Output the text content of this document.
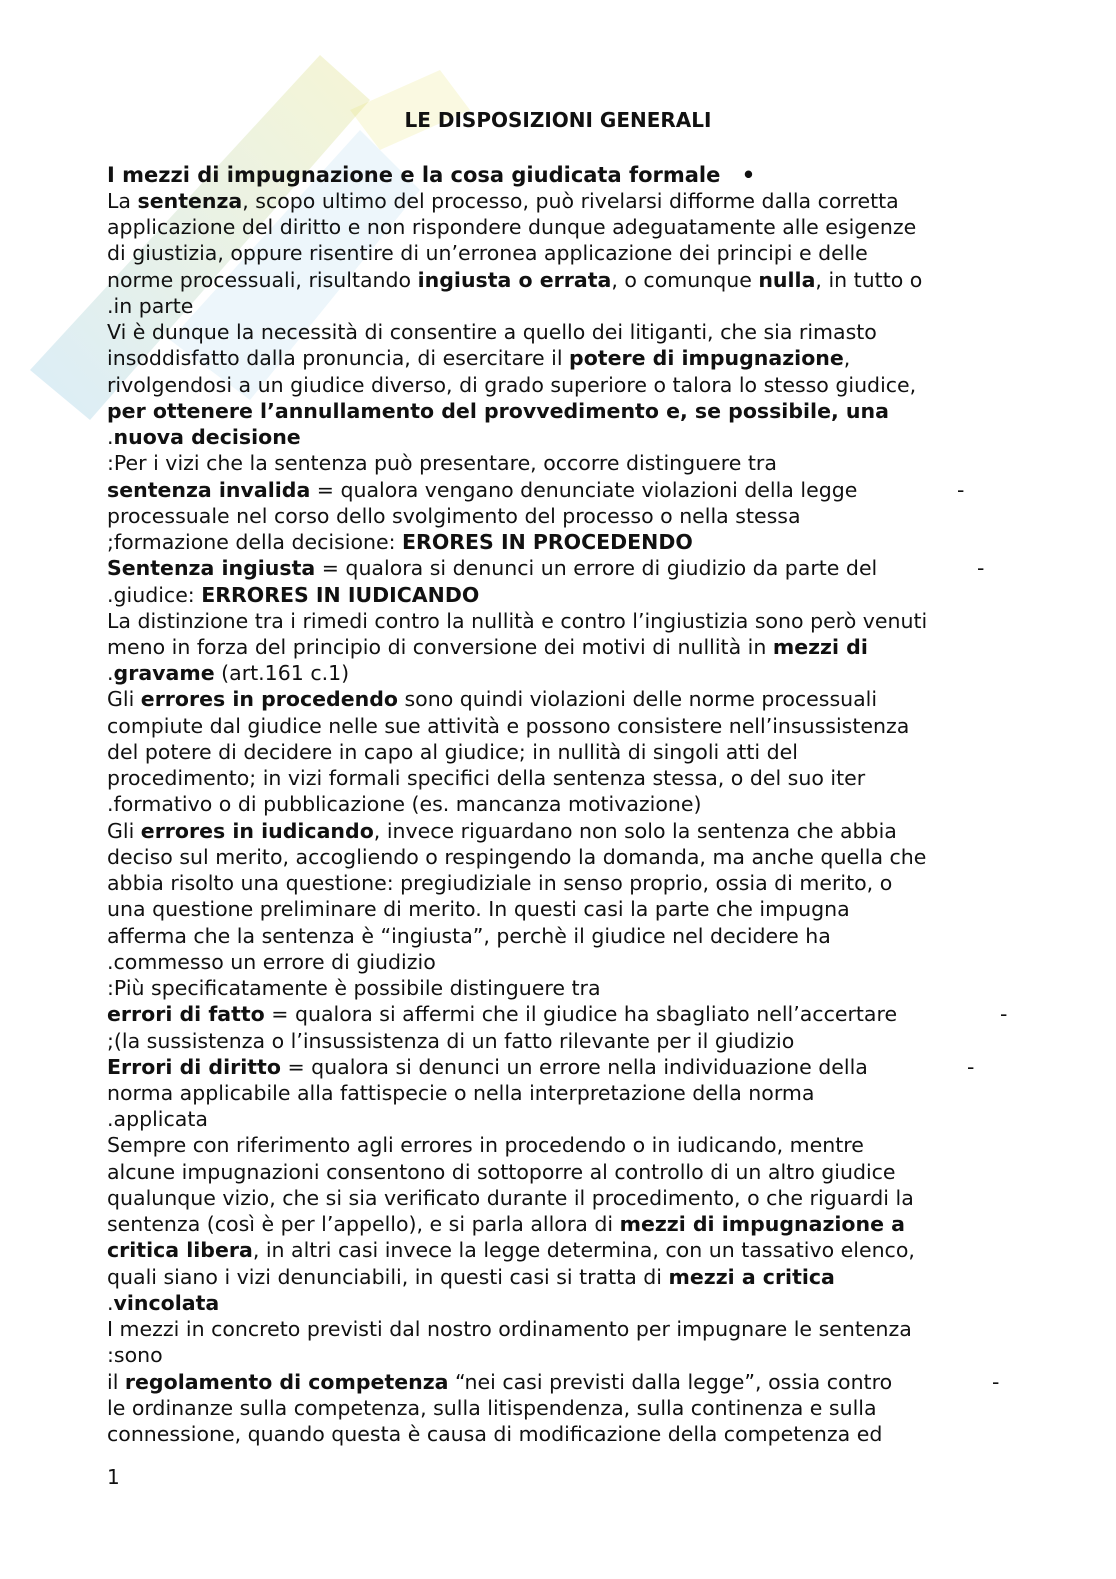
LE DISPOSIZIONI GENERALI
I mezzi di impugnazione e la cosa giudicata formale •
La sentenza, scopo ultimo del processo, può rivelarsi difforme dalla corretta
applicazione del diritto e non rispondere dunque adeguatamente alle esigenze
di giustizia, oppure risentire di un’erronea applicazione dei principi e delle
norme processuali, risultando ingiusta o errata, o comunque nulla, in tutto o
.in parte
Vi è dunque la necessità di consentire a quello dei litiganti, che sia rimasto
insoddisfatto dalla pronuncia, di esercitare il potere di impugnazione,
rivolgendosi a un giudice diverso, di grado superiore o talora lo stesso giudice,
per ottenere l’annullamento del provvedimento e, se possibile, una
.nuova decisione
:Per i vizi che la sentenza può presentare, occorre distinguere tra
sentenza invalida = qualora vengano denunciate violazioni della legge	-
processuale nel corso dello svolgimento del processo o nella stessa
;formazione della decisione: ERORES IN PROCEDENDO
Sentenza ingiusta = qualora si denunci un errore di giudizio da parte del	-
.giudice: ERRORES IN IUDICANDO
La distinzione tra i rimedi contro la nullità e contro l’ingiustizia sono però venuti
meno in forza del principio di conversione dei motivi di nullità in mezzi di
.gravame (art.161 c.1)
Gli errores in procedendo sono quindi violazioni delle norme processuali
compiute dal giudice nelle sue attività e possono consistere nell’insussistenza
del potere di decidere in capo al giudice; in nullità di singoli atti del
procedimento; in vizi formali specifici della sentenza stessa, o del suo iter
.formativo o di pubblicazione (es. mancanza motivazione)
Gli errores in iudicando, invece riguardano non solo la sentenza che abbia
deciso sul merito, accogliendo o respingendo la domanda, ma anche quella che
abbia risolto una questione: pregiudiziale in senso proprio, ossia di merito, o
una questione preliminare di merito. In questi casi la parte che impugna
afferma che la sentenza è “ingiusta”, perchè il giudice nel decidere ha
.commesso un errore di giudizio
:Più specificatamente è possibile distinguere tra
errori di fatto = qualora si affermi che il giudice ha sbagliato nell’accertare	-
;(la sussistenza o l’insussistenza di un fatto rilevante per il giudizio
Errori di diritto = qualora si denunci un errore nella individuazione della	-
norma applicabile alla fattispecie o nella interpretazione della norma
.applicata
Sempre con riferimento agli errores in procedendo o in iudicando, mentre
alcune impugnazioni consentono di sottoporre al controllo di un altro giudice
qualunque vizio, che si sia verificato durante il procedimento, o che riguardi la
sentenza (così è per l’appello), e si parla allora di mezzi di impugnazione a
critica libera, in altri casi invece la legge determina, con un tassativo elenco,
quali siano i vizi denunciabili, in questi casi si tratta di mezzi a critica
.vincolata
I mezzi in concreto previsti dal nostro ordinamento per impugnare le sentenza
:sono
il regolamento di competenza “nei casi previsti dalla legge”, ossia contro	-
le ordinanze sulla competenza, sulla litispendenza, sulla continenza e sulla
connessione, quando questa è causa di modificazione della competenza ed
1
